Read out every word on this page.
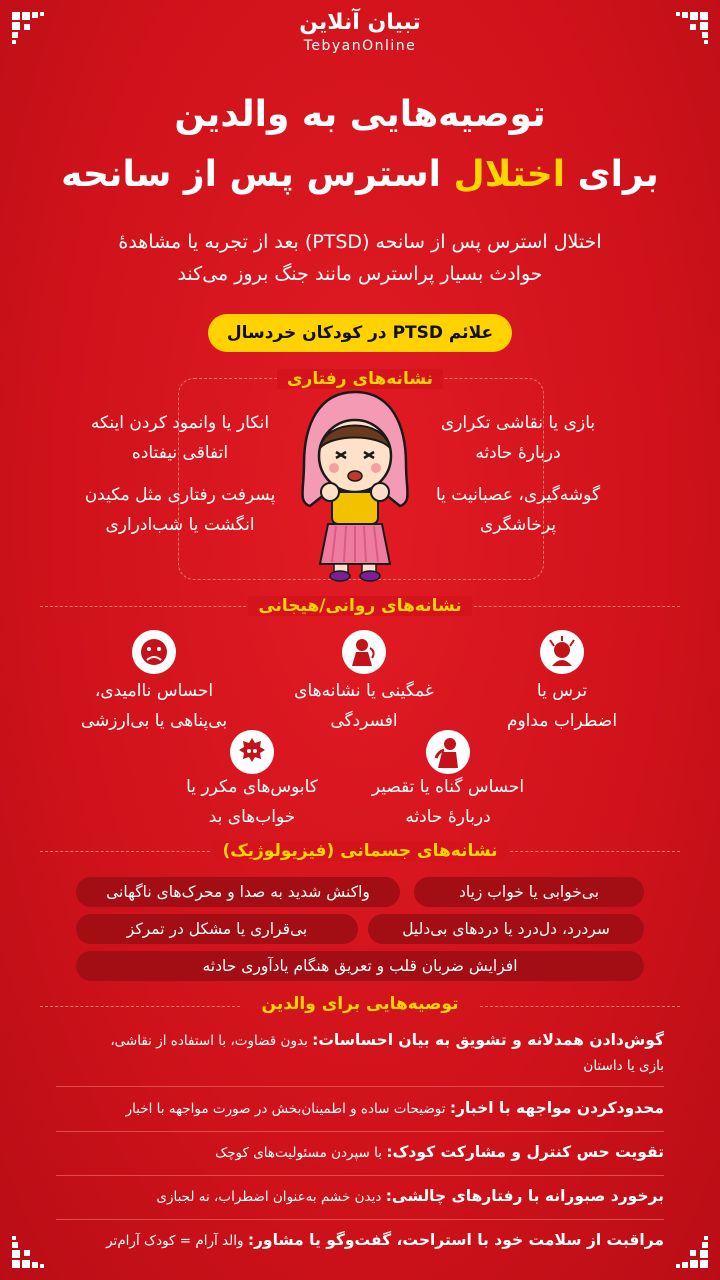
تبیان آنلاین
TebyanOnline
توصیه‌هایی به والدین
برای اختلال استرس پس از سانحه
اختلال استرس پس از سانحه (PTSD) بعد از تجربه یا مشاهدهٔ
حوادث بسیار پراسترس مانند جنگ بروز می‌کند
علائم PTSD در کودکان خردسال
نشانه‌های رفتاری
بازی یا نقاشی تکراری
دربارهٔ حادثه
گوشه‌گیری، عصبانیت یا
پرخاشگری
انکار یا وانمود کردن اینکه
اتفاقی نیفتاده
پسرفت رفتاری مثل مکیدن
انگشت یا شب‌ادراری
نشانه‌های روانی/هیجانی
ترس یا
اضطراب مداوم
غمگینی یا نشانه‌های
افسردگی
احساس ناامیدی،
بی‌پناهی یا بی‌ارزشی
احساس گناه یا تقصیر
دربارهٔ حادثه
کابوس‌های مکرر یا
خواب‌های بد
نشانه‌های جسمانی (فیزیولوژیک)
بی‌خوابی یا خواب زیاد
واکنش شدید به صدا و محرک‌های ناگهانی
سردرد، دل‌درد یا دردهای بی‌دلیل
بی‌قراری یا مشکل در تمرکز
افزایش ضربان قلب و تعریق هنگام یادآوری حادثه
توصیه‌هایی برای والدین
گوش‌دادن همدلانه و تشویق به بیان احساسات: بدون قضاوت، با استفاده از نقاشی،
بازی یا داستان
محدودکردن مواجهه با اخبار: توضیحات ساده و اطمینان‌بخش در صورت مواجهه با اخبار
تقویت حس کنترل و مشارکت کودک: با سپردن مسئولیت‌های کوچک
برخورد صبورانه با رفتارهای چالشی: دیدن خشم به‌عنوان اضطراب، نه لجبازی
مراقبت از سلامت خود با استراحت، گفت‌وگو یا مشاور: والد آرام = کودک آرام‌تر
